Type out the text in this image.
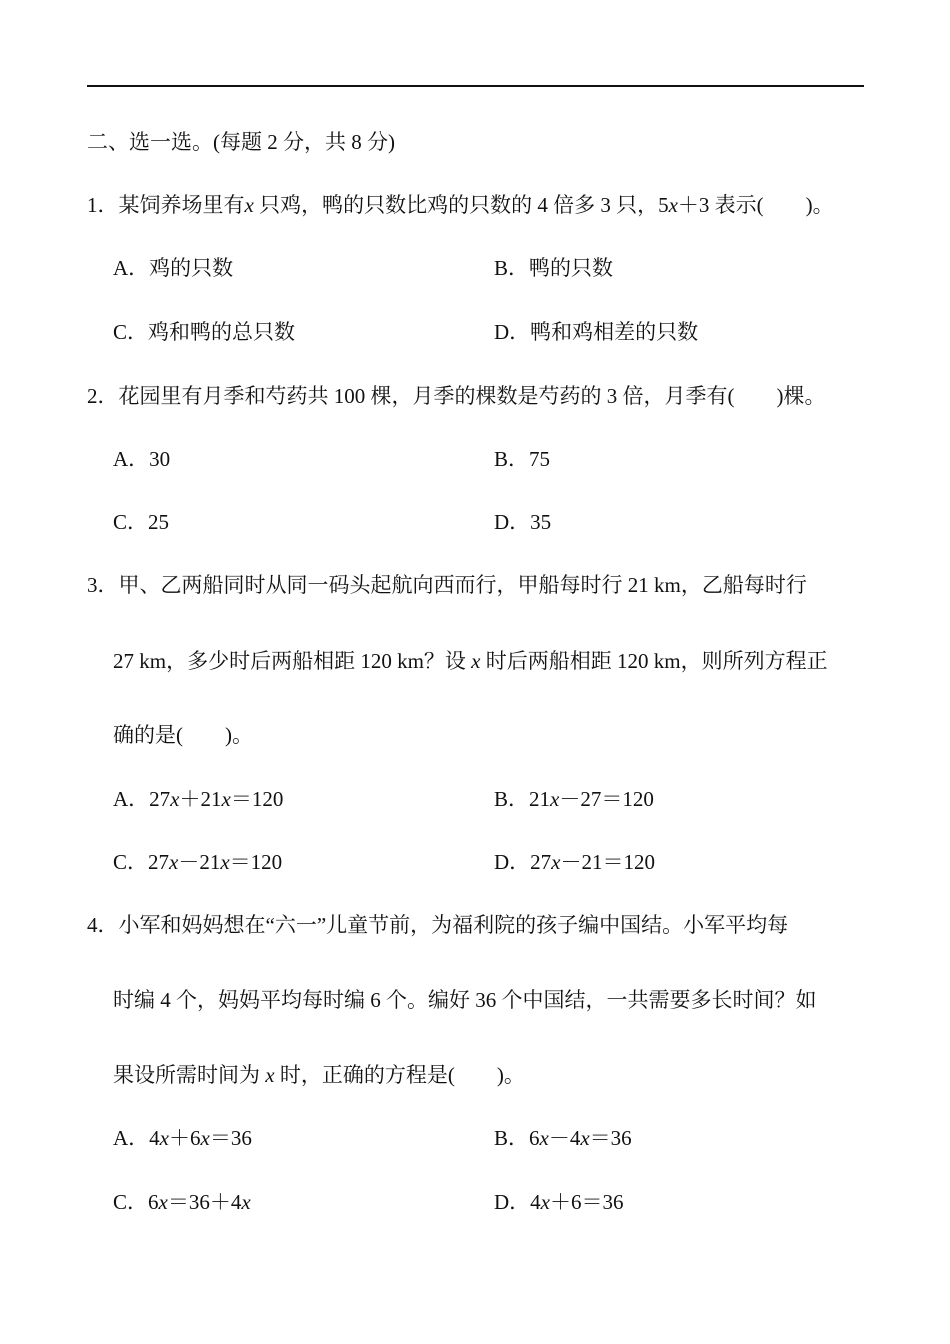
二、选一选。(每题 2 分，共 8 分)
1．某饲养场里有x 只鸡，鸭的只数比鸡的只数的 4 倍多 3 只，5x＋3 表示(　　)。
A．鸡的只数	B．鸭的只数
C．鸡和鸭的总只数	D．鸭和鸡相差的只数
2．花园里有月季和芍药共 100 棵，月季的棵数是芍药的 3 倍，月季有(　　)棵。
A．30	B．75
C．25	D．35
3．甲、乙两船同时从同一码头起航向西而行，甲船每时行 21 km，乙船每时行
27 km，多少时后两船相距 120 km？设 x 时后两船相距 120 km，则所列方程正
确的是(　　)。
A．27x＋21x＝120	B．21x－27＝120
C．27x－21x＝120	D．27x－21＝120
4．小军和妈妈想在“六一”儿童节前，为福利院的孩子编中国结。小军平均每
时编 4 个，妈妈平均每时编 6 个。编好 36 个中国结，一共需要多长时间？如
果设所需时间为 x 时，正确的方程是(　　)。
A．4x＋6x＝36	B．6x－4x＝36
C．6x＝36＋4x	D．4x＋6＝36
